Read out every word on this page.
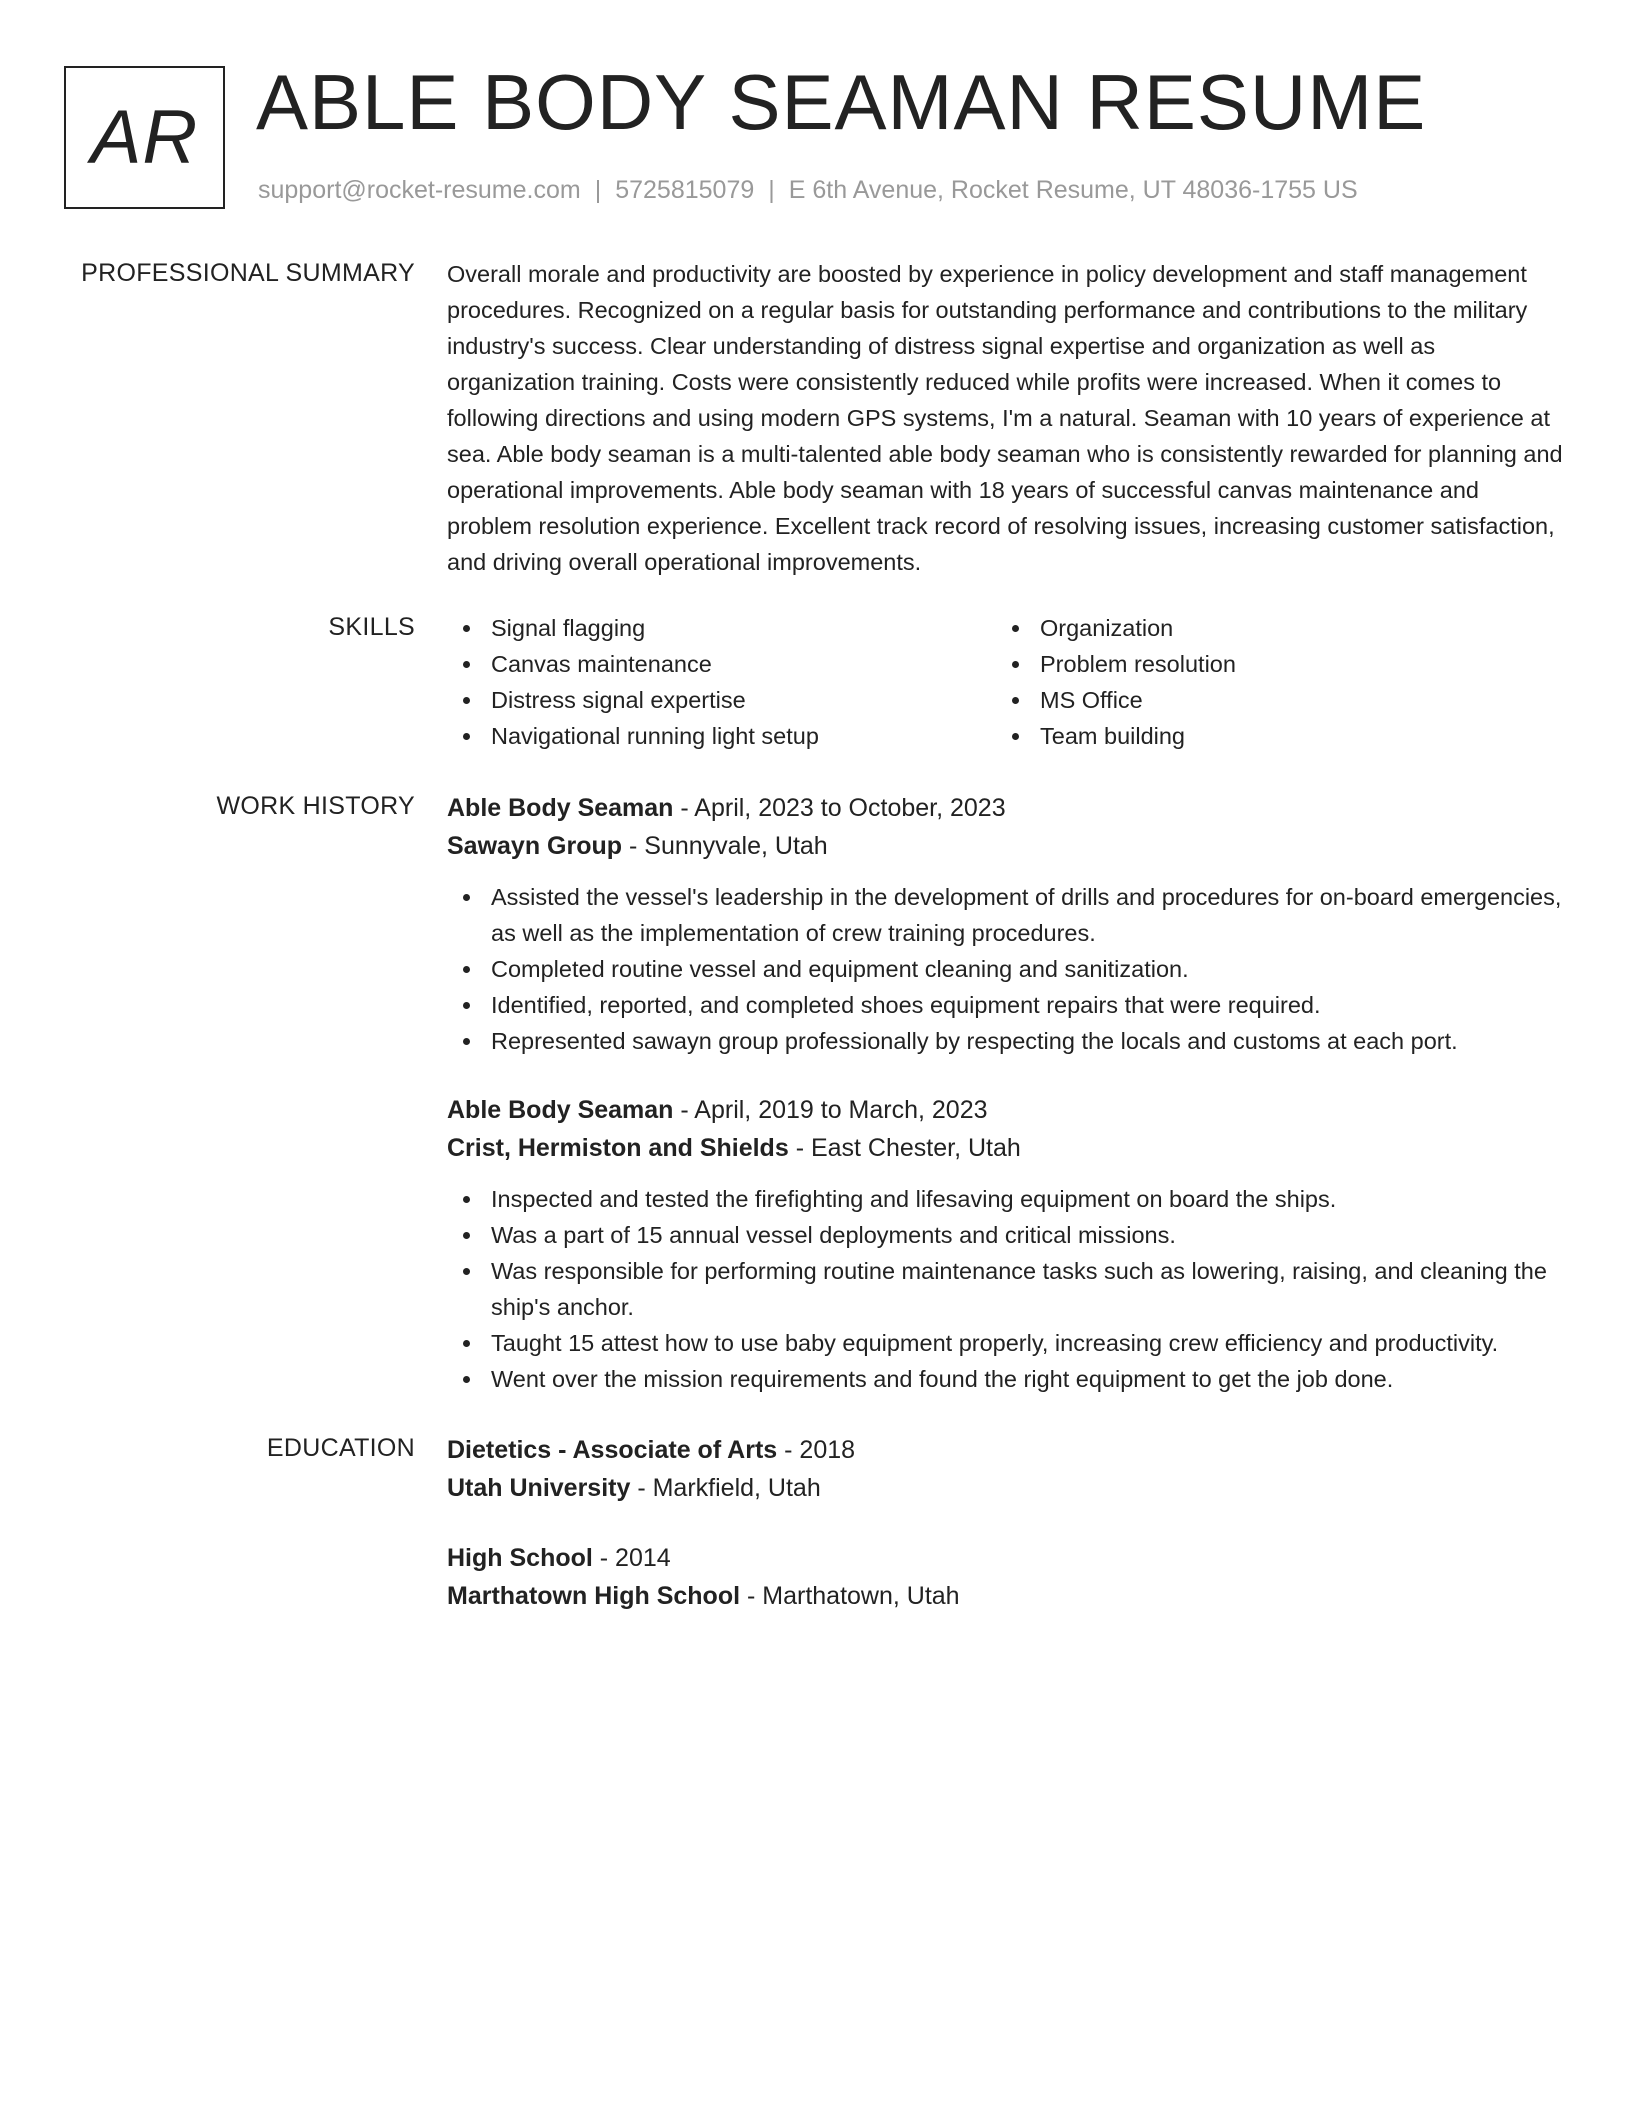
AR ABLE BODY SEAMAN RESUME
support@rocket-resume.com | 5725815079 | E 6th Avenue, Rocket Resume, UT 48036-1755 US
PROFESSIONAL SUMMARY Overall morale and productivity are boosted by experience in policy development and staff management procedures. Recognized on a regular basis for outstanding performance and contributions to the military industry's success. Clear understanding of distress signal expertise and organization as well as organization training. Costs were consistently reduced while profits were increased. When it comes to following directions and using modern GPS systems, I'm a natural. Seaman with 10 years of experience at sea. Able body seaman is a multi-talented able body seaman who is consistently rewarded for planning and operational improvements. Able body seaman with 18 years of successful canvas maintenance and problem resolution experience. Excellent track record of resolving issues, increasing customer satisfaction, and driving overall operational improvements.

SKILLS	Signal flagging
Canvas maintenance
Distress signal expertise
Navigational running light setup
Organization
Problem resolution
MS Office
Team building
WORK HISTORY Able Body Seaman - April, 2023 to October, 2023
Sawayn Group - Sunnyvale, Utah
Assisted the vessel's leadership in the development of drills and procedures for on-board emergencies, as well as the implementation of crew training procedures.
Completed routine vessel and equipment cleaning and sanitization.
Identified, reported, and completed shoes equipment repairs that were required.
Represented sawayn group professionally by respecting the locals and customs at each port.
Able Body Seaman - April, 2019 to March, 2023
Crist, Hermiston and Shields - East Chester, Utah
Inspected and tested the firefighting and lifesaving equipment on board the ships.
Was a part of 15 annual vessel deployments and critical missions.
Was responsible for performing routine maintenance tasks such as lowering, raising, and cleaning the ship's anchor.
Taught 15 attest how to use baby equipment properly, increasing crew efficiency and productivity.
Went over the mission requirements and found the right equipment to get the job done.
EDUCATION Dietetics - Associate of Arts - 2018
Utah University - Markfield, Utah
High School - 2014
Marthatown High School - Marthatown, Utah
